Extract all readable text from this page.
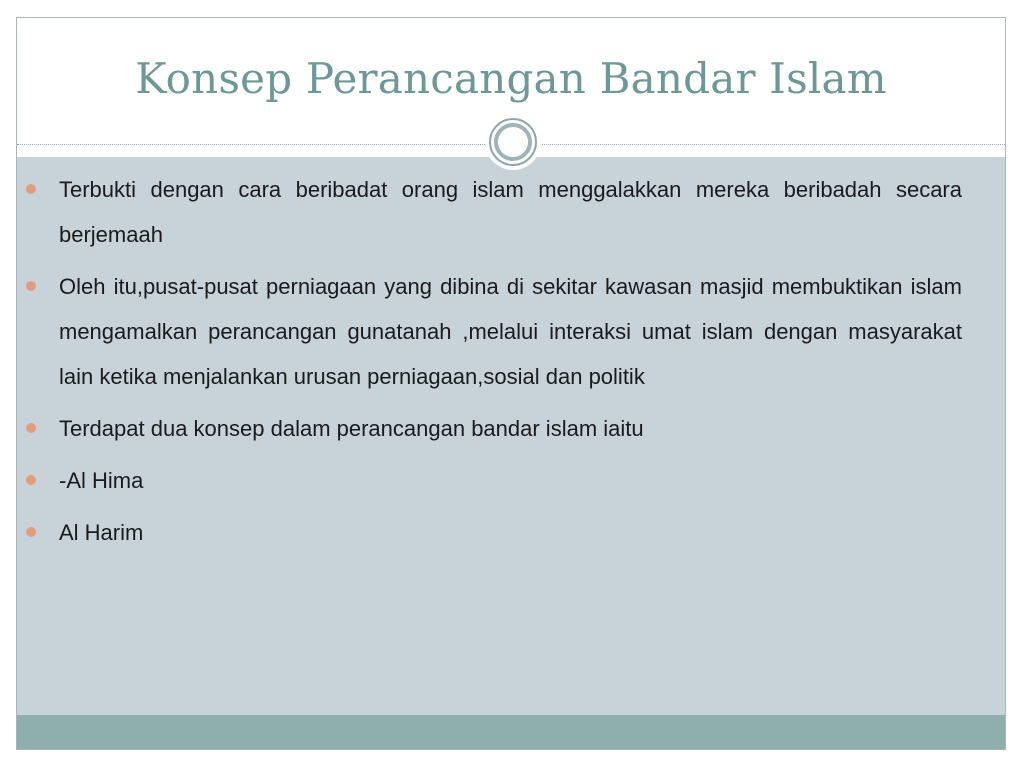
Konsep Perancangan Bandar Islam
Terbukti dengan cara beribadat orang islam menggalakkan mereka beribadah secara berjemaah
Oleh itu,pusat-pusat perniagaan yang dibina di sekitar kawasan masjid membuktikan islam mengamalkan perancangan gunatanah ,melalui interaksi umat islam dengan masyarakat lain ketika menjalankan urusan perniagaan,sosial dan politik
Terdapat dua konsep dalam perancangan bandar islam iaitu
-Al Hima
Al Harim
